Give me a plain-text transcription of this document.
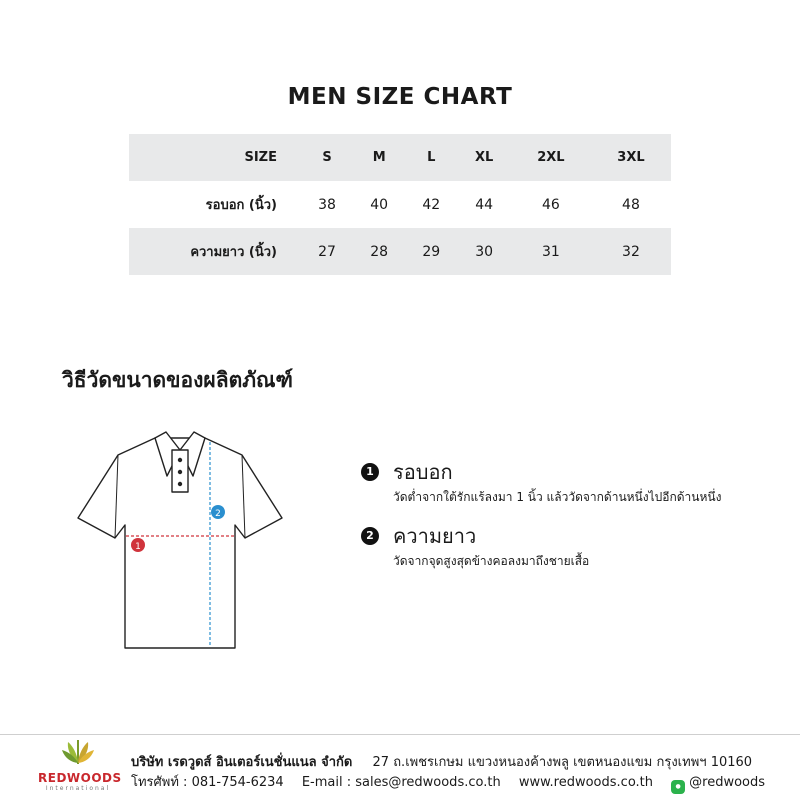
MEN SIZE CHART
SIZE	S	M	L	XL	2XL	3XL
รอบอก (นิ้ว)	38	40	42	44	46	48
ความยาว (นิ้ว)	27	28	29	30	31	32
วิธีวัดขนาดของผลิตภัณฑ์
1
2
1 รอบอก
วัดต่ำจากใต้รักแร้ลงมา 1 นิ้ว แล้ววัดจากด้านหนึ่งไปอีกด้านหนึ่ง
2 ความยาว
วัดจากจุดสูงสุดข้างคอลงมาถึงชายเสื้อ
REDWOODS
International
บริษัท เรดวูดส์ อินเตอร์เนชั่นแนล จำกัด 27 ถ.เพชรเกษม แขวงหนองค้างพลู เขตหนองแขม กรุงเทพฯ 10160
โทรศัพท์ : 081-754-6234 E-mail : sales@redwoods.co.th www.redwoods.co.th	● @redwoods
